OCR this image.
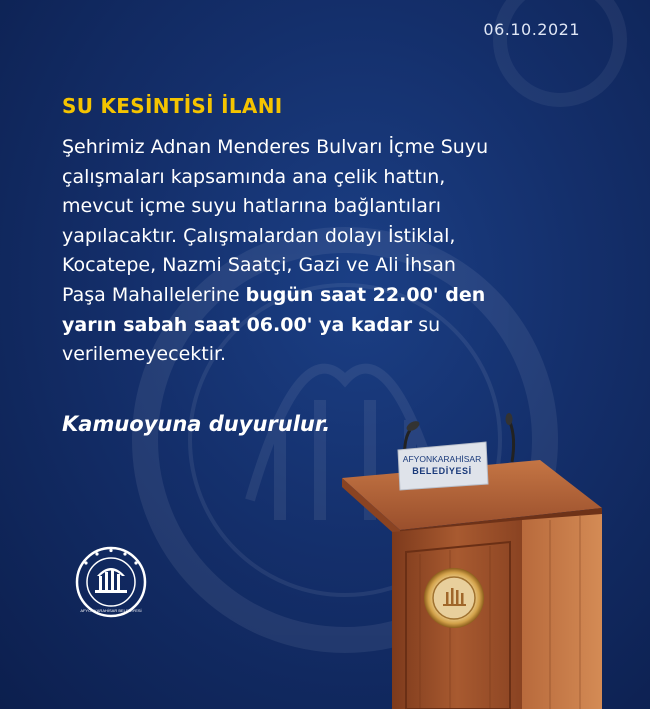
06.10.2021
SU KESİNTİSİ İLANI
Şehrimiz Adnan Menderes Bulvarı İçme Suyu
çalışmaları kapsamında ana çelik hattın,
mevcut içme suyu hatlarına bağlantıları
yapılacaktır. Çalışmalardan dolayı İstiklal,
Kocatepe, Nazmi Saatçi, Gazi ve Ali İhsan
Paşa Mahallelerine bugün saat 22.00' den
yarın sabah saat 06.00' ya kadar su
verilemeyecektir.
Kamuoyuna duyurulur.
AFYONKARAHİSAR BELEDİYESİ
AFYONKARAHİSAR
BELEDİYESİ
